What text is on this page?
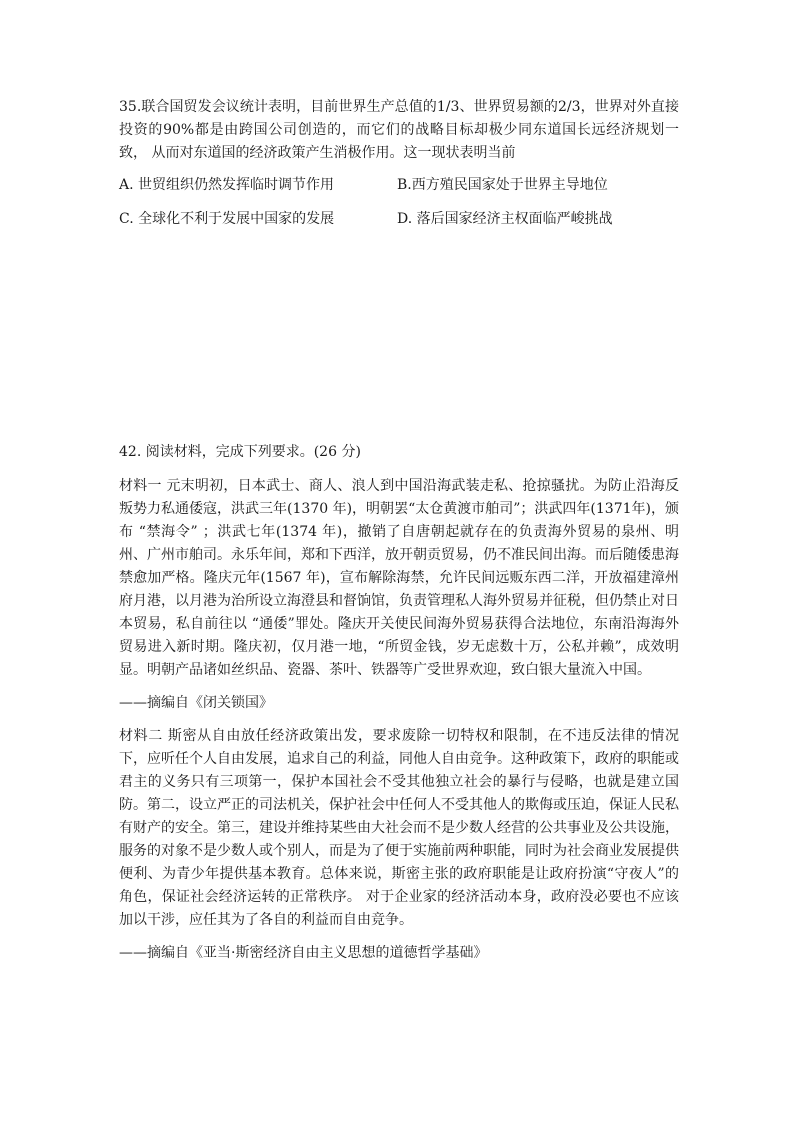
35.联合国贸发会议统计表明，目前世界生产总值的1/3、世界贸易额的2/3，世界对外直接投资的90%都是由跨国公司创造的，而它们的战略目标却极少同东道国长远经济规划一致， 从而对东道国的经济政策产生消极作用。这一现状表明当前

A. 世贸组织仍然发挥临时调节作用	B.西方殖民国家处于世界主导地位
C. 全球化不利于发展中国家的发展	D. 落后国家经济主权面临严峻挑战

42. 阅读材料，完成下列要求。(26 分)

材料一 元末明初，日本武士、商人、浪人到中国沿海武装走私、抢掠骚扰。为防止沿海反叛势力私通倭寇，洪武三年(1370 年)，明朝罢“太仓黄渡市舶司”；洪武四年(1371年)，颁布 “禁海令” ；洪武七年(1374 年)，撤销了自唐朝起就存在的负责海外贸易的泉州、明州、广州市舶司。永乐年间，郑和下西洋，放开朝贡贸易，仍不准民间出海。而后随倭患海禁愈加严格。隆庆元年(1567 年)，宣布解除海禁，允许民间远贩东西二洋，开放福建漳州府月港，以月港为治所设立海澄县和督饷馆，负责管理私人海外贸易并征税，但仍禁止对日本贸易，私自前往以 “通倭”罪处。隆庆开关使民间海外贸易获得合法地位，东南沿海海外贸易进入新时期。隆庆初，仅月港一地，“所贸金钱，岁无虑数十万，公私并赖”，成效明显。明朝产品诸如丝织品、瓷器、茶叶、铁器等广受世界欢迎，致白银大量流入中国。

——摘编自《闭关锁国》

材料二 斯密从自由放任经济政策出发，要求废除一切特权和限制，在不违反法律的情况 下，应听任个人自由发展，追求自己的利益，同他人自由竞争。这种政策下，政府的职能或君主的义务只有三项第一，保护本国社会不受其他独立社会的暴行与侵略，也就是建立国防。第二，设立严正的司法机关，保护社会中任何人不受其他人的欺侮或压迫，保证人民私有财产的安全。第三，建设并维持某些由大社会而不是少数人经营的公共事业及公共设施，服务的对象不是少数人或个别人，而是为了便于实施前两种职能，同时为社会商业发展提供便利、为青少年提供基本教育。总体来说，斯密主张的政府职能是让政府扮演“守夜人”的角色，保证社会经济运转的正常秩序。 对于企业家的经济活动本身，政府没必要也不应该加以干涉，应任其为了各自的利益而自由竞争。

——摘编自《亚当·斯密经济自由主义思想的道德哲学基础》
